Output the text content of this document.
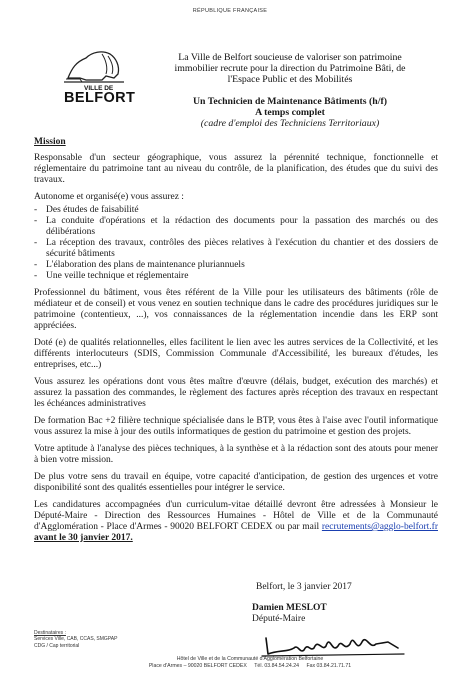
RÉPUBLIQUE FRANÇAISE
VILLE DE
BELFORT
La Ville de Belfort soucieuse de valoriser son patrimoine
immobilier recrute pour la direction du Patrimoine Bâti, de
l'Espace Public et des Mobilités
Un Technicien de Maintenance Bâtiments (h/f)
A temps complet
(cadre d'emploi des Techniciens Territoriaux)
Mission

Responsable d'un secteur géographique, vous assurez la pérennité technique, fonctionnelle et réglementaire du patrimoine tant au niveau du contrôle, de la planification, des études que du suivi des travaux.

Autonome et organisé(e) vous assurez :

- Des études de faisabilité
- La conduite d'opérations et la rédaction des documents pour la passation des marchés ou des délibérations
- La réception des travaux, contrôles des pièces relatives à l'exécution du chantier et des dossiers de sécurité bâtiments
- L'élaboration des plans de maintenance pluriannuels
- Une veille technique et réglementaire

Professionnel du bâtiment, vous êtes référent de la Ville pour les utilisateurs des bâtiments (rôle de médiateur et de conseil) et vous venez en soutien technique dans le cadre des procédures juridiques sur le patrimoine (contentieux, ...), vos connaissances de la réglementation incendie dans les ERP sont appréciées.

Doté (e) de qualités relationnelles, elles facilitent le lien avec les autres services de la Collectivité, et les différents interlocuteurs (SDIS, Commission Communale d'Accessibilité, les bureaux d'études, les entreprises, etc...)

Vous assurez les opérations dont vous êtes maître d'œuvre (délais, budget, exécution des marchés) et assurez la passation des commandes, le règlement des factures après réception des travaux en respectant les échéances administratives

De formation Bac +2 filière technique spécialisée dans le BTP, vous êtes à l'aise avec l'outil informatique vous assurez la mise à jour des outils informatiques de gestion du patrimoine et gestion des projets.

Votre aptitude à l'analyse des pièces techniques, à la synthèse et à la rédaction sont des atouts pour mener à bien votre mission.

De plus votre sens du travail en équipe, votre capacité d'anticipation, de gestion des urgences et votre disponibilité sont des qualités essentielles pour intégrer le service.

Les candidatures accompagnées d'un curriculum-vitae détaillé devront être adressées à Monsieur le Député-Maire - Direction des Ressources Humaines - Hôtel de Ville et de la Communauté d'Agglomération - Place d'Armes - 90020 BELFORT CEDEX ou par mail recrutements@agglo-belfort.fr avant le 30 janvier 2017.

Belfort, le 3 janvier 2017
Damien MESLOT
Député-Maire
Destinataires :
Services Ville, CAB, CCAS, SMGPAP
CDG / Cap territorial
Hôtel de Ville et de la Communauté d'Agglomération Belfortaine
Place d'Armes – 90020 BELFORT CEDEX Tél. 03.84.54.24.24 Fax 03.84.21.71.71
